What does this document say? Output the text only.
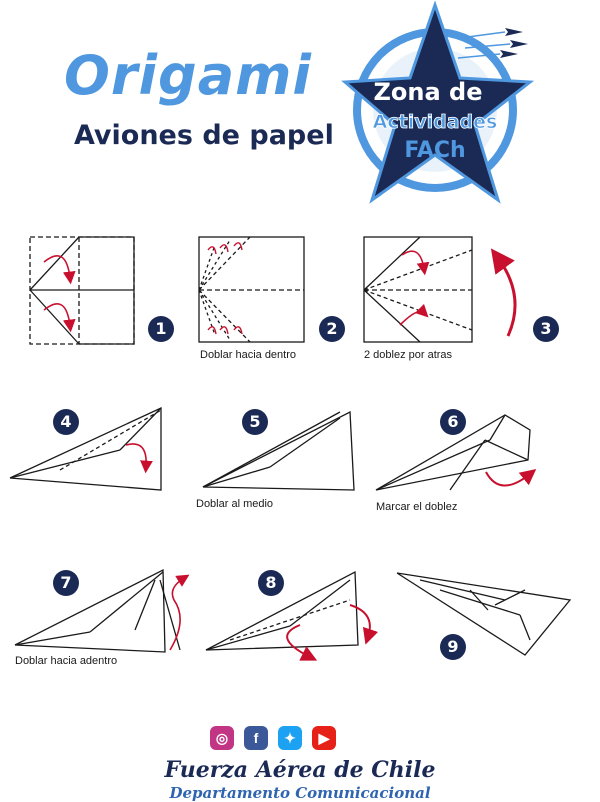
Origami
Aviones de papel
Zona de
Actividades
FACh
1	2	3
4	5	6
7	8
9
Doblar hacia dentro	2 doblez por atras
Doblar al medio	Marcar el doblez
Doblar hacia adentro
◎	f	✦	▶
Fuerza Aérea de Chile
Departamento Comunicacional
